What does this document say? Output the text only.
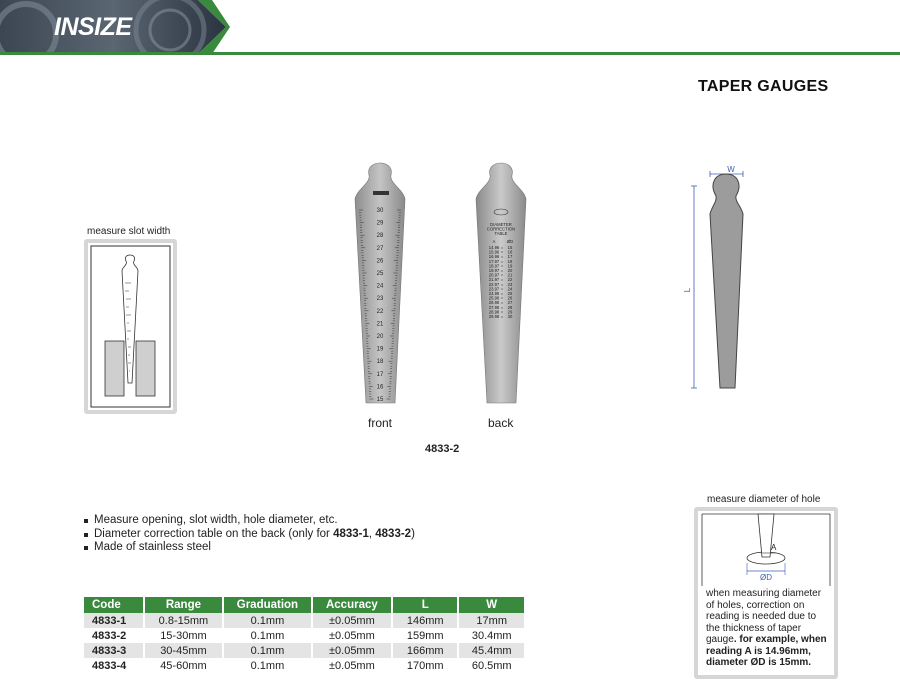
INSIZE
TAPER GAUGES
measure slot width
30
29
28
27
26
25
24
23
22
21
20
19
18
17
16
15
DIAMETER
CORRECTION
TABLE
A	ØD
14.96 = 15
15.96 = 16
16.96 = 17
17.97 = 18
18.97 = 19
19.97 = 20
20.97 = 21
21.97 = 22
22.97 = 23
23.97 = 24
24.98 = 25
25.98 = 26
26.98 = 27
27.98 = 28
28.98 = 29
29.98 = 30
front	back
4833-2
W
L
Measure opening, slot width, hole diameter, etc.
Diameter correction table on the back (only for 4833-1, 4833-2)
Made of stainless steel
Code	Range	Graduation	Accuracy	L	W
4833-1	0.8-15mm	0.1mm	±0.05mm	146mm	17mm
4833-2	15-30mm	0.1mm	±0.05mm	159mm	30.4mm
4833-3	30-45mm	0.1mm	±0.05mm	166mm	45.4mm
4833-4	45-60mm	0.1mm	±0.05mm	170mm	60.5mm
measure diameter of hole
A
ØD
when measuring diameter of holes, correction on reading is needed due to the thickness of taper gauge. for example, when reading A is 14.96mm, diameter ØD is 15mm.
